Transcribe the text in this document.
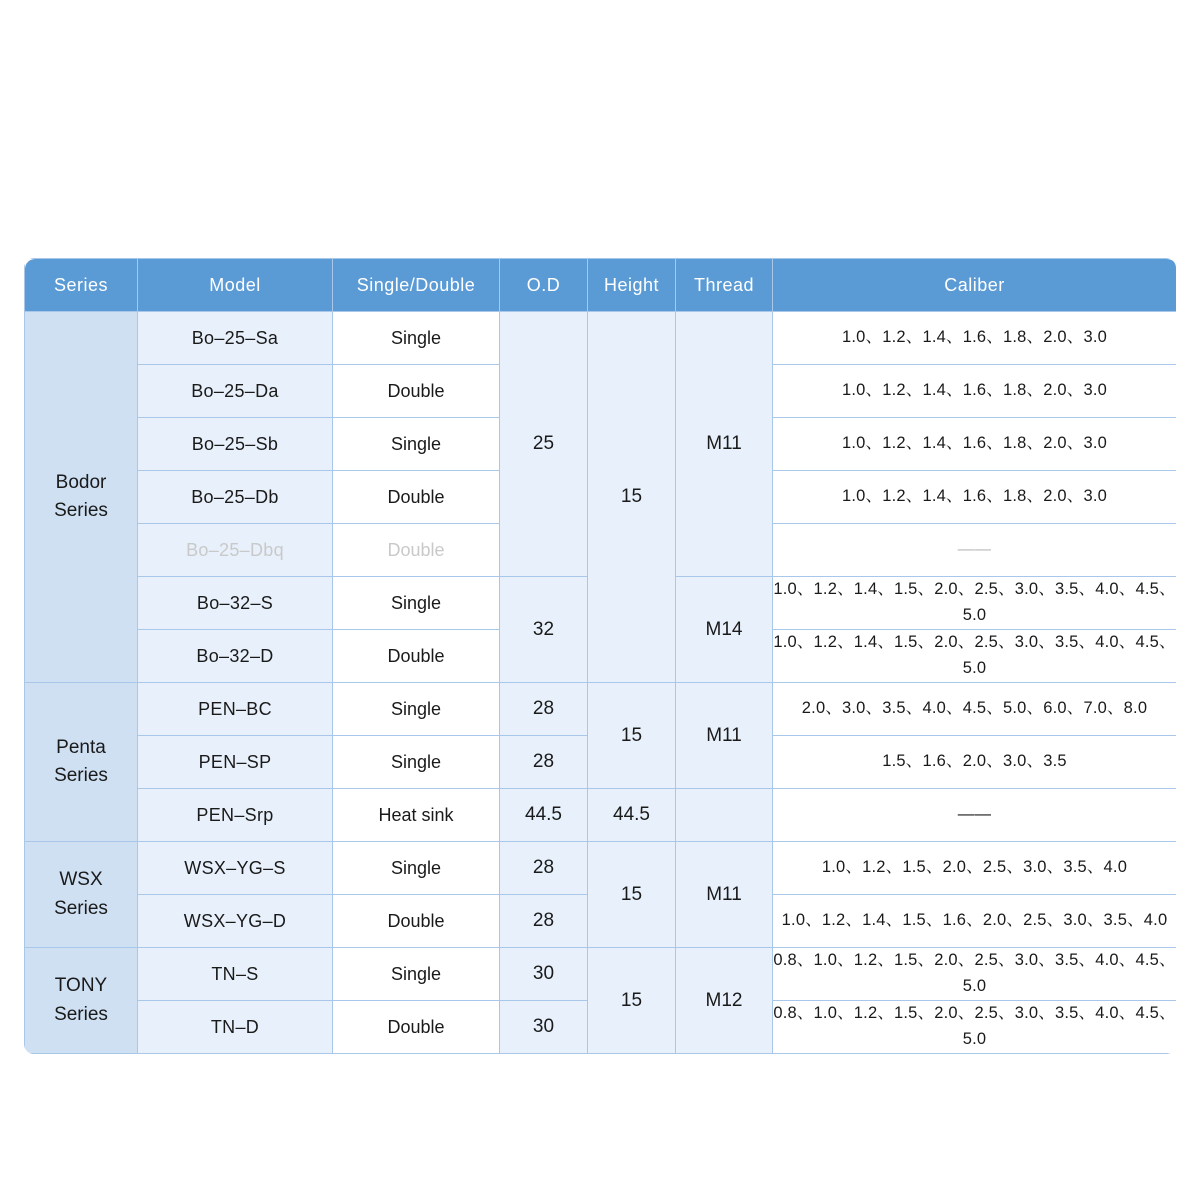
Series	Model	Single/Double	O.D	Height	Thread	Caliber
Bodor
Series	Bo–25–Sa	Single	25	15	M11	1.0、1.2、1.4、1.6、1.8、2.0、3.0
	Bo–25–Da	Double				1.0、1.2、1.4、1.6、1.8、2.0、3.0
	Bo–25–Sb	Single				1.0、1.2、1.4、1.6、1.8、2.0、3.0
	Bo–25–Db	Double				1.0、1.2、1.4、1.6、1.8、2.0、3.0
	Bo–25–Dbq	Double				——
	Bo–32–S	Single	32		M14	1.0、1.2、1.4、1.5、2.0、2.5、3.0、3.5、4.0、4.5、5.0
	Bo–32–D	Double				1.0、1.2、1.4、1.5、2.0、2.5、3.0、3.5、4.0、4.5、5.0
Penta
Series	PEN–BC	Single	28	15	M11	2.0、3.0、3.5、4.0、4.5、5.0、6.0、7.0、8.0
	PEN–SP	Single	28			1.5、1.6、2.0、3.0、3.5
	PEN–Srp	Heat sink	44.5	44.5		——
WSX
Series	WSX–YG–S	Single	28	15	M11	1.0、1.2、1.5、2.0、2.5、3.0、3.5、4.0
	WSX–YG–D	Double	28			1.0、1.2、1.4、1.5、1.6、2.0、2.5、3.0、3.5、4.0
TONY
Series	TN–S	Single	30	15	M12	0.8、1.0、1.2、1.5、2.0、2.5、3.0、3.5、4.0、4.5、5.0
	TN–D	Double	30			0.8、1.0、1.2、1.5、2.0、2.5、3.0、3.5、4.0、4.5、5.0
